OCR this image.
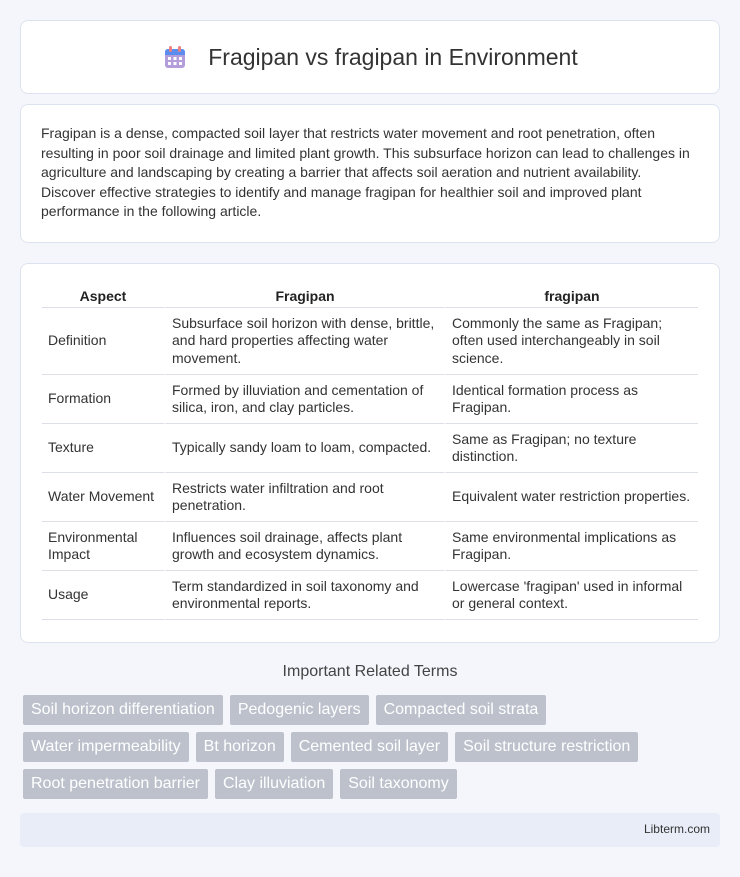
Fragipan vs fragipan in Environment

Fragipan is a dense, compacted soil layer that restricts water movement and root penetration, often resulting in poor soil drainage and limited plant growth. This subsurface horizon can lead to challenges in agriculture and landscaping by creating a barrier that affects soil aeration and nutrient availability. Discover effective strategies to identify and manage fragipan for healthier soil and improved plant performance in the following article.

Aspect	Fragipan	fragipan
Definition	Subsurface soil horizon with dense, brittle, and hard properties affecting water movement.	Commonly the same as Fragipan; often used interchangeably in soil science.
Formation	Formed by illuviation and cementation of silica, iron, and clay particles.	Identical formation process as Fragipan.
Texture	Typically sandy loam to loam, compacted.	Same as Fragipan; no texture distinction.
Water Movement	Restricts water infiltration and root penetration.	Equivalent water restriction properties.
Environmental Impact	Influences soil drainage, affects plant growth and ecosystem dynamics.	Same environmental implications as Fragipan.
Usage	Term standardized in soil taxonomy and environmental reports.	Lowercase 'fragipan' used in informal or general context.
Important Related Terms
Soil horizon differentiation	Pedogenic layers	Compacted soil strata
Water impermeability	Bt horizon	Cemented soil layer	Soil structure restriction
Root penetration barrier	Clay illuviation	Soil taxonomy
Libterm.com
